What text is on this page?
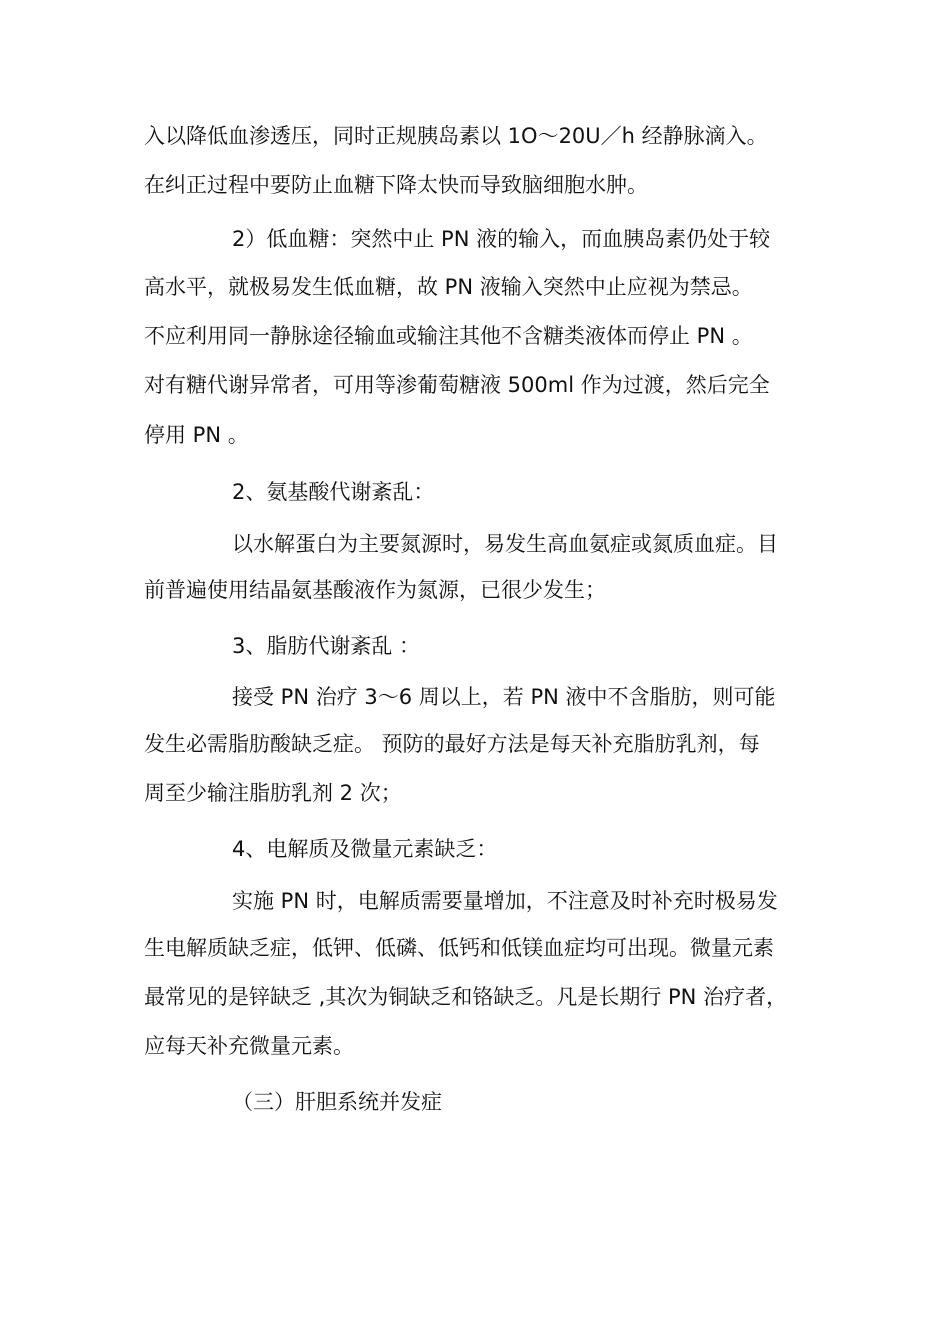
入以降低血渗透压，同时正规胰岛素以 1O～20U／h 经静脉滴入。
在纠正过程中要防止血糖下降太快而导致脑细胞水肿。
2）低血糖：突然中止 PN 液的输入，而血胰岛素仍处于较
高水平，就极易发生低血糖，故 PN 液输入突然中止应视为禁忌。
不应利用同一静脉途径输血或输注其他不含糖类液体而停止 PN 。
对有糖代谢异常者，可用等渗葡萄糖液 500ml 作为过渡，然后完全
停用 PN 。
2、氨基酸代谢紊乱：
以水解蛋白为主要氮源时，易发生高血氨症或氮质血症。目
前普遍使用结晶氨基酸液作为氮源，已很少发生；
3、脂肪代谢紊乱 ：
接受 PN 治疗 3～6 周以上，若 PN 液中不含脂肪，则可能
发生必需脂肪酸缺乏症。 预防的最好方法是每天补充脂肪乳剂，每
周至少输注脂肪乳剂 2 次；
4、电解质及微量元素缺乏：
实施 PN 时，电解质需要量增加，不注意及时补充时极易发
生电解质缺乏症，低钾、低磷、低钙和低镁血症均可出现。微量元素
最常见的是锌缺乏 ,其次为铜缺乏和铬缺乏。凡是长期行 PN 治疗者，
应每天补充微量元素。
（三）肝胆系统并发症
